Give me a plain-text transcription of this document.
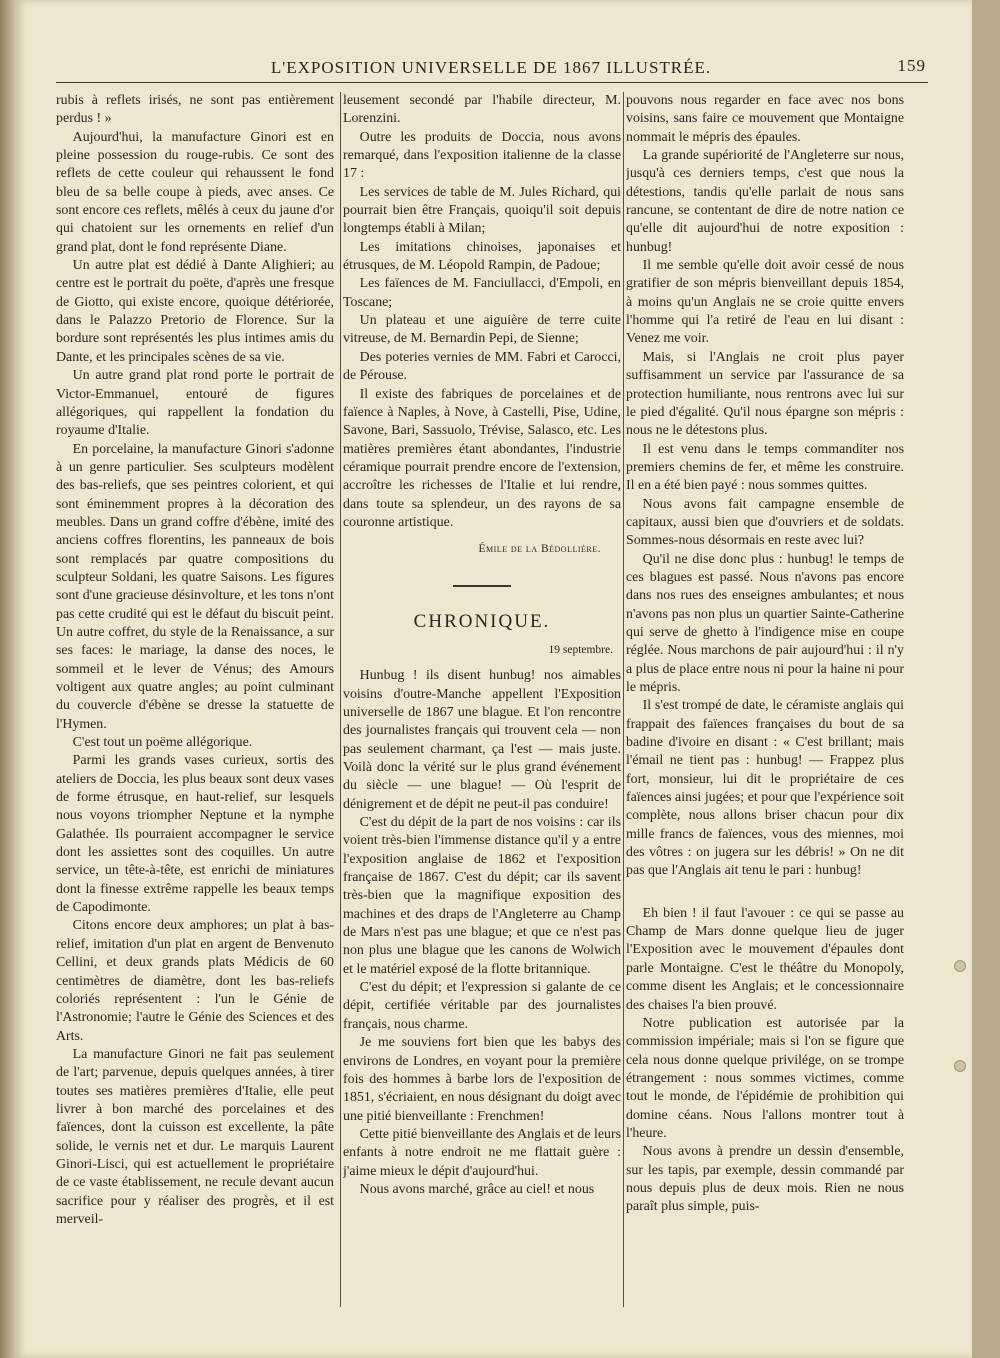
L'EXPOSITION UNIVERSELLE DE 1867 ILLUSTRÉE.	159

rubis à reflets irisés, ne sont pas entièrement perdus ! »

Aujourd'hui, la manufacture Ginori est en pleine possession du rouge-rubis. Ce sont des reflets de cette couleur qui rehaussent le fond bleu de sa belle coupe à pieds, avec anses. Ce sont encore ces reflets, mêlés à ceux du jaune d'or qui chatoient sur les ornements en relief d'un grand plat, dont le fond représente Diane.

Un autre plat est dédié à Dante Alighieri; au centre est le portrait du poëte, d'après une fresque de Giotto, qui existe encore, quoique détériorée, dans le Palazzo Pretorio de Florence. Sur la bordure sont représentés les plus intimes amis du Dante, et les principales scènes de sa vie.

Un autre grand plat rond porte le portrait de Victor-Emmanuel, entouré de figures allégoriques, qui rappellent la fondation du royaume d'Italie.

En porcelaine, la manufacture Ginori s'adonne à un genre particulier. Ses sculpteurs modèlent des bas-reliefs, que ses peintres colorient, et qui sont éminemment propres à la décoration des meubles. Dans un grand coffre d'ébène, imité des anciens coffres florentins, les panneaux de bois sont remplacés par quatre compositions du sculpteur Soldani, les quatre Saisons. Les figures sont d'une gracieuse désinvolture, et les tons n'ont pas cette crudité qui est le défaut du biscuit peint. Un autre coffret, du style de la Renaissance, a sur ses faces: le mariage, la danse des noces, le sommeil et le lever de Vénus; des Amours voltigent aux quatre angles; au point culminant du couvercle d'ébène se dresse la statuette de l'Hymen.

C'est tout un poëme allégorique.

Parmi les grands vases curieux, sortis des ateliers de Doccia, les plus beaux sont deux vases de forme étrusque, en haut-relief, sur lesquels nous voyons triompher Neptune et la nymphe Galathée. Ils pourraient accompagner le service dont les assiettes sont des coquilles. Un autre service, un tête-à-tête, est enrichi de miniatures dont la finesse extrême rappelle les beaux temps de Capodimonte.

Citons encore deux amphores; un plat à bas-relief, imitation d'un plat en argent de Benvenuto Cellini, et deux grands plats Médicis de 60 centimètres de diamètre, dont les bas-reliefs coloriés représentent : l'un le Génie de l'Astronomie; l'autre le Génie des Sciences et des Arts.

La manufacture Ginori ne fait pas seulement de l'art; parvenue, depuis quelques années, à tirer toutes ses matières premières d'Italie, elle peut livrer à bon marché des porcelaines et des faïences, dont la cuisson est excellente, la pâte solide, le vernis net et dur. Le marquis Laurent Ginori-Lisci, qui est actuellement le propriétaire de ce vaste établissement, ne recule devant aucun sacrifice pour y réaliser des progrès, et il est merveil-

leusement secondé par l'habile directeur, M. Lorenzini.

Outre les produits de Doccia, nous avons remarqué, dans l'exposition italienne de la classe 17 :

Les services de table de M. Jules Richard, qui pourrait bien être Français, quoiqu'il soit depuis longtemps établi à Milan;

Les imitations chinoises, japonaises et étrusques, de M. Léopold Rampin, de Padoue;

Les faïences de M. Fanciullacci, d'Empoli, en Toscane;

Un plateau et une aiguière de terre cuite vitreuse, de M. Bernardin Pepi, de Sienne;

Des poteries vernies de MM. Fabri et Carocci, de Pérouse.

Il existe des fabriques de porcelaines et de faïence à Naples, à Nove, à Castelli, Pise, Udine, Savone, Bari, Sassuolo, Trévise, Salasco, etc. Les matières premières étant abondantes, l'industrie céramique pourrait prendre encore de l'extension, accroître les richesses de l'Italie et lui rendre, dans toute sa splendeur, un des rayons de sa couronne artistique.

Émile de la Bédollière.
CHRONIQUE.
19 septembre.

Hunbug ! ils disent hunbug! nos aimables voisins d'outre-Manche appellent l'Exposition universelle de 1867 une blague. Et l'on rencontre des journalistes français qui trouvent cela — non pas seulement charmant, ça l'est — mais juste. Voilà donc la vérité sur le plus grand événement du siècle — une blague! — Où l'esprit de dénigrement et de dépit ne peut-il pas conduire!

C'est du dépit de la part de nos voisins : car ils voient très-bien l'immense distance qu'il y a entre l'exposition anglaise de 1862 et l'exposition française de 1867. C'est du dépit; car ils savent très-bien que la magnifique exposition des machines et des draps de l'Angleterre au Champ de Mars n'est pas une blague; et que ce n'est pas non plus une blague que les canons de Wolwich et le matériel exposé de la flotte britannique.

C'est du dépit; et l'expression si galante de ce dépit, certifiée véritable par des journalistes français, nous charme.

Je me souviens fort bien que les babys des environs de Londres, en voyant pour la première fois des hommes à barbe lors de l'exposition de 1851, s'écriaient, en nous désignant du doigt avec une pitié bienveillante : Frenchmen!

Cette pitié bienveillante des Anglais et de leurs enfants à notre endroit ne me flattait guère : j'aime mieux le dépit d'aujourd'hui.

Nous avons marché, grâce au ciel! et nous

pouvons nous regarder en face avec nos bons voisins, sans faire ce mouvement que Montaigne nommait le mépris des épaules.

La grande supériorité de l'Angleterre sur nous, jusqu'à ces derniers temps, c'est que nous la détestions, tandis qu'elle parlait de nous sans rancune, se contentant de dire de notre nation ce qu'elle dit aujourd'hui de notre exposition : hunbug!

Il me semble qu'elle doit avoir cessé de nous gratifier de son mépris bienveillant depuis 1854, à moins qu'un Anglais ne se croie quitte envers l'homme qui l'a retiré de l'eau en lui disant : Venez me voir.

Mais, si l'Anglais ne croit plus payer suffisamment un service par l'assurance de sa protection humiliante, nous rentrons avec lui sur le pied d'égalité. Qu'il nous épargne son mépris : nous ne le détestons plus.

Il est venu dans le temps commanditer nos premiers chemins de fer, et même les construire. Il en a été bien payé : nous sommes quittes.

Nous avons fait campagne ensemble de capitaux, aussi bien que d'ouvriers et de soldats. Sommes-nous désormais en reste avec lui?

Qu'il ne dise donc plus : hunbug! le temps de ces blagues est passé. Nous n'avons pas encore dans nos rues des enseignes ambulantes; et nous n'avons pas non plus un quartier Sainte-Catherine qui serve de ghetto à l'indigence mise en coupe réglée. Nous marchons de pair aujourd'hui : il n'y a plus de place entre nous ni pour la haine ni pour le mépris.

Il s'est trompé de date, le céramiste anglais qui frappait des faïences françaises du bout de sa badine d'ivoire en disant : « C'est brillant; mais l'émail ne tient pas : hunbug! — Frappez plus fort, monsieur, lui dit le propriétaire de ces faïences ainsi jugées; et pour que l'expérience soit complète, nous allons briser chacun pour dix mille francs de faïences, vous des miennes, moi des vôtres : on jugera sur les débris! » On ne dit pas que l'Anglais ait tenu le pari : hunbug!

Eh bien ! il faut l'avouer : ce qui se passe au Champ de Mars donne quelque lieu de juger l'Exposition avec le mouvement d'épaules dont parle Montaigne. C'est le théâtre du Monopoly, comme disent les Anglais; et le concessionnaire des chaises l'a bien prouvé.

Notre publication est autorisée par la commission impériale; mais si l'on se figure que cela nous donne quelque privilége, on se trompe étrangement : nous sommes victimes, comme tout le monde, de l'épidémie de prohibition qui domine céans. Nous l'allons montrer tout à l'heure.

Nous avons à prendre un dessin d'ensemble, sur les tapis, par exemple, dessin commandé par nous depuis plus de deux mois. Rien ne nous paraît plus simple, puis-
